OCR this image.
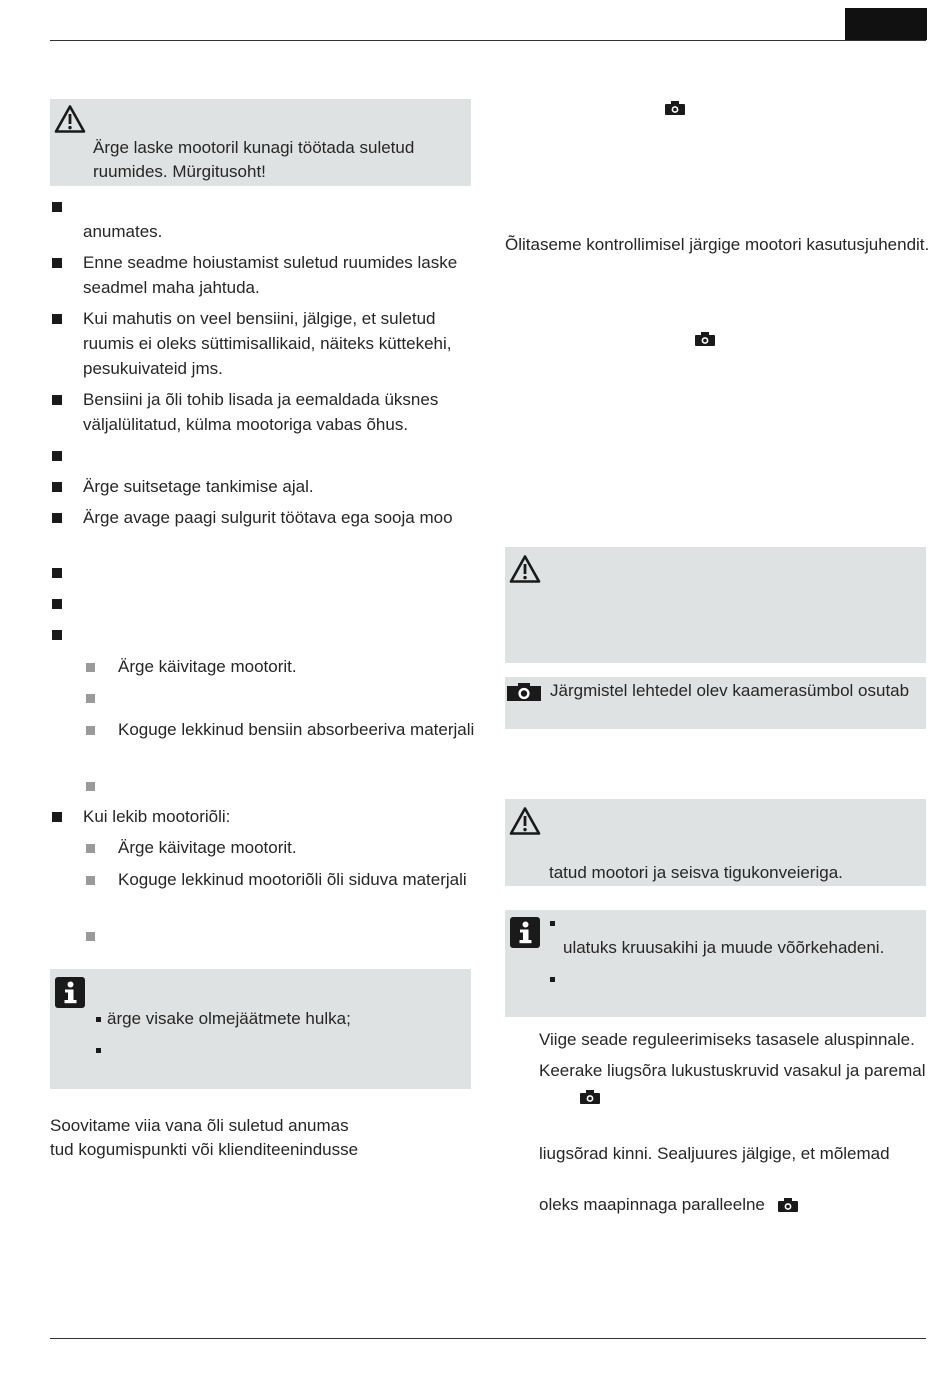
Ärge laske mootoril kunagi töötada suletud
ruumides. Mürgitusoht!
anumates.
Enne seadme hoiustamist suletud ruumides laske
seadmel maha jahtuda.
Kui mahutis on veel bensiini, jälgige, et suletud
ruumis ei oleks süttimisallikaid, näiteks küttekehi,
pesukuivateid jms.
Bensiini ja õli tohib lisada ja eemaldada üksnes
väljalülitatud, külma mootoriga vabas õhus.
Ärge suitsetage tankimise ajal.
Ärge avage paagi sulgurit töötava ega sooja moo
Ärge käivitage mootorit.
Koguge lekkinud bensiin absorbeeriva materjali
Kui lekib mootoriõli:
Ärge käivitage mootorit.
Koguge lekkinud mootoriõli õli siduva materjali
ärge visake olmejäätmete hulka;
Soovitame viia vana õli suletud anumas
tud kogumispunkti või klienditeenindusse
Õlitaseme kontrollimisel järgige mootori kasutusjuhendit.
Järgmistel lehtedel olev kaamerasümbol osutab
tatud mootori ja seisva tigukonveieriga.
ulatuks kruusakihi ja muude võõrkehadeni.
Viige seade reguleerimiseks tasasele aluspinnale.
Keerake liugsõra lukustuskruvid vasakul ja paremal
liugsõrad kinni. Sealjuures jälgige, et mõlemad
oleks maapinnaga paralleelne
